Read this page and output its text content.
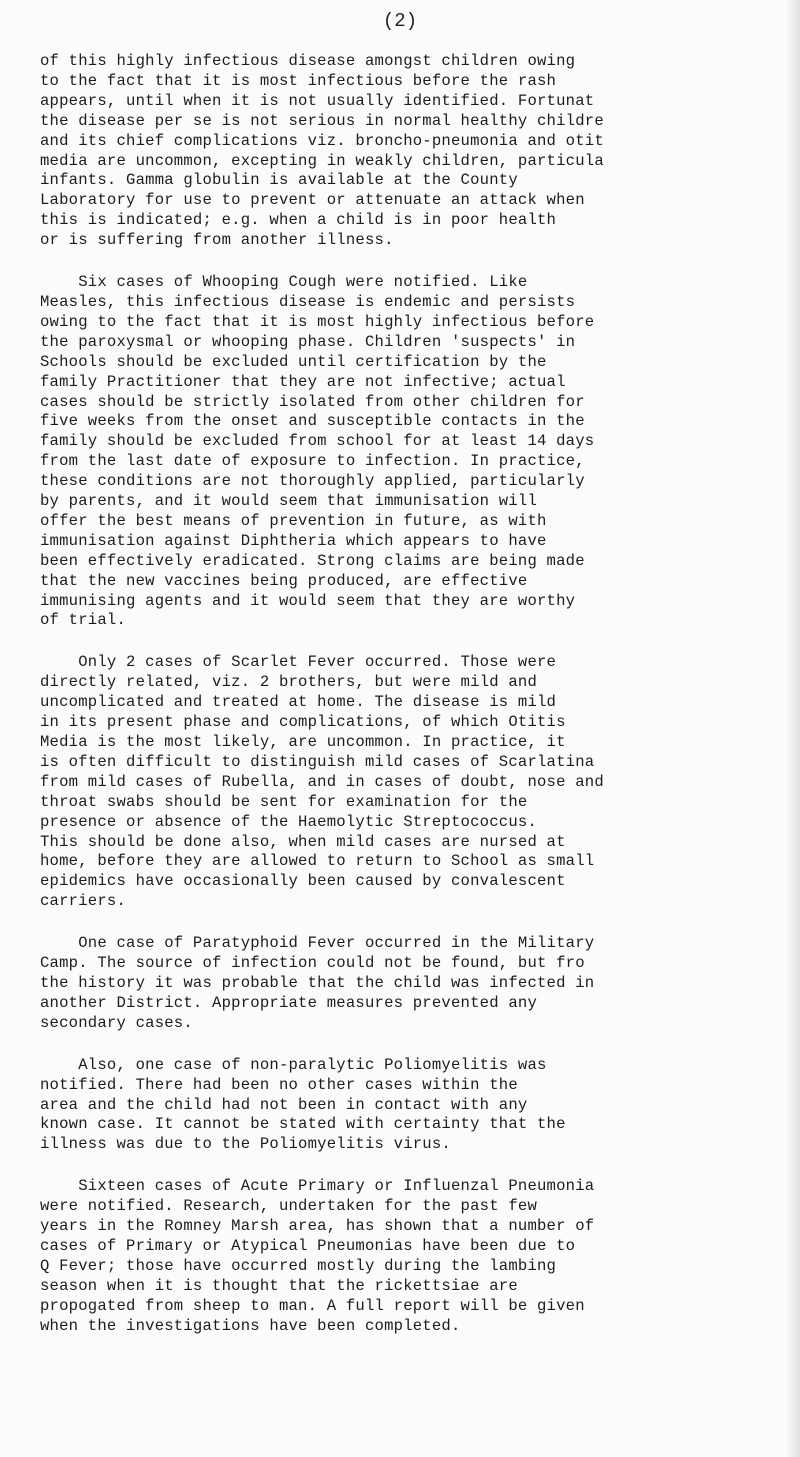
(2)
of this highly infectious disease amongst children owing
to the fact that it is most infectious before the rash
appears, until when it is not usually identified. Fortunat
the disease per se is not serious in normal healthy childre
and its chief complications viz. broncho-pneumonia and otit
media are uncommon, excepting in weakly children, particula
infants. Gamma globulin is available at the County
Laboratory for use to prevent or attenuate an attack when
this is indicated; e.g. when a child is in poor health
or is suffering from another illness.
Six cases of Whooping Cough were notified. Like
Measles, this infectious disease is endemic and persists
owing to the fact that it is most highly infectious before
the paroxysmal or whooping phase. Children 'suspects' in
Schools should be excluded until certification by the
family Practitioner that they are not infective; actual
cases should be strictly isolated from other children for
five weeks from the onset and susceptible contacts in the
family should be excluded from school for at least 14 days
from the last date of exposure to infection. In practice,
these conditions are not thoroughly applied, particularly
by parents, and it would seem that immunisation will
offer the best means of prevention in future, as with
immunisation against Diphtheria which appears to have
been effectively eradicated. Strong claims are being made
that the new vaccines being produced, are effective
immunising agents and it would seem that they are worthy
of trial.
Only 2 cases of Scarlet Fever occurred. Those were
directly related, viz. 2 brothers, but were mild and
uncomplicated and treated at home. The disease is mild
in its present phase and complications, of which Otitis
Media is the most likely, are uncommon. In practice, it
is often difficult to distinguish mild cases of Scarlatina
from mild cases of Rubella, and in cases of doubt, nose and
throat swabs should be sent for examination for the
presence or absence of the Haemolytic Streptococcus.
This should be done also, when mild cases are nursed at
home, before they are allowed to return to School as small
epidemics have occasionally been caused by convalescent
carriers.
One case of Paratyphoid Fever occurred in the Military
Camp. The source of infection could not be found, but fro
the history it was probable that the child was infected in
another District. Appropriate measures prevented any
secondary cases.
Also, one case of non-paralytic Poliomyelitis was
notified. There had been no other cases within the
area and the child had not been in contact with any
known case. It cannot be stated with certainty that the
illness was due to the Poliomyelitis virus.
Sixteen cases of Acute Primary or Influenzal Pneumonia
were notified. Research, undertaken for the past few
years in the Romney Marsh area, has shown that a number of
cases of Primary or Atypical Pneumonias have been due to
Q Fever; those have occurred mostly during the lambing
season when it is thought that the rickettsiae are
propogated from sheep to man. A full report will be given
when the investigations have been completed.
